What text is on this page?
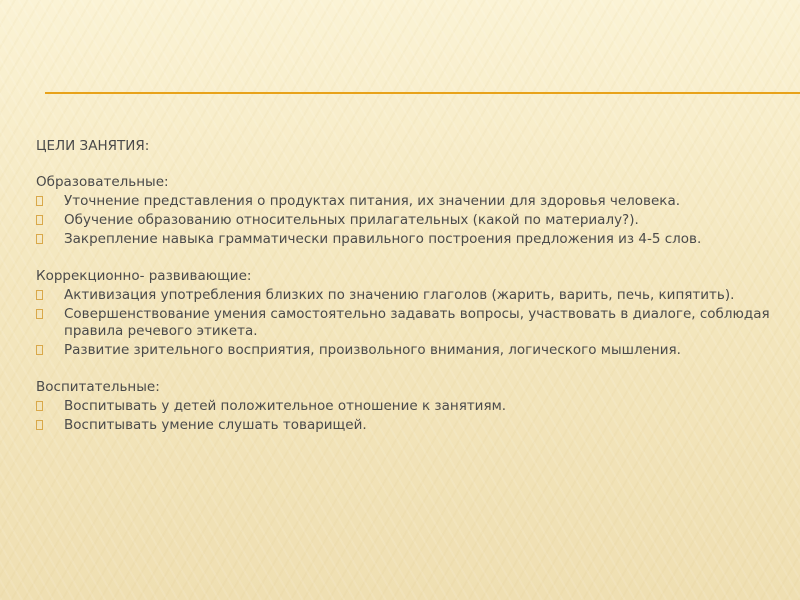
ЦЕЛИ ЗАНЯТИЯ:
Образовательные:
Уточнение представления о продуктах питания, их значении для здоровья человека.
Обучение образованию относительных прилагательных (какой по материалу?).
Закрепление навыка грамматически правильного построения предложения из 4-5 слов.
Коррекционно- развивающие:
Активизация употребления близких по значению глаголов (жарить, варить, печь, кипятить).
Совершенствование умения самостоятельно задавать вопросы, участвовать в диалоге, соблюдая правила речевого этикета.
Развитие зрительного восприятия, произвольного внимания, логического мышления.
Воспитательные:
Воспитывать у детей положительное отношение к занятиям.
Воспитывать умение слушать товарищей.
